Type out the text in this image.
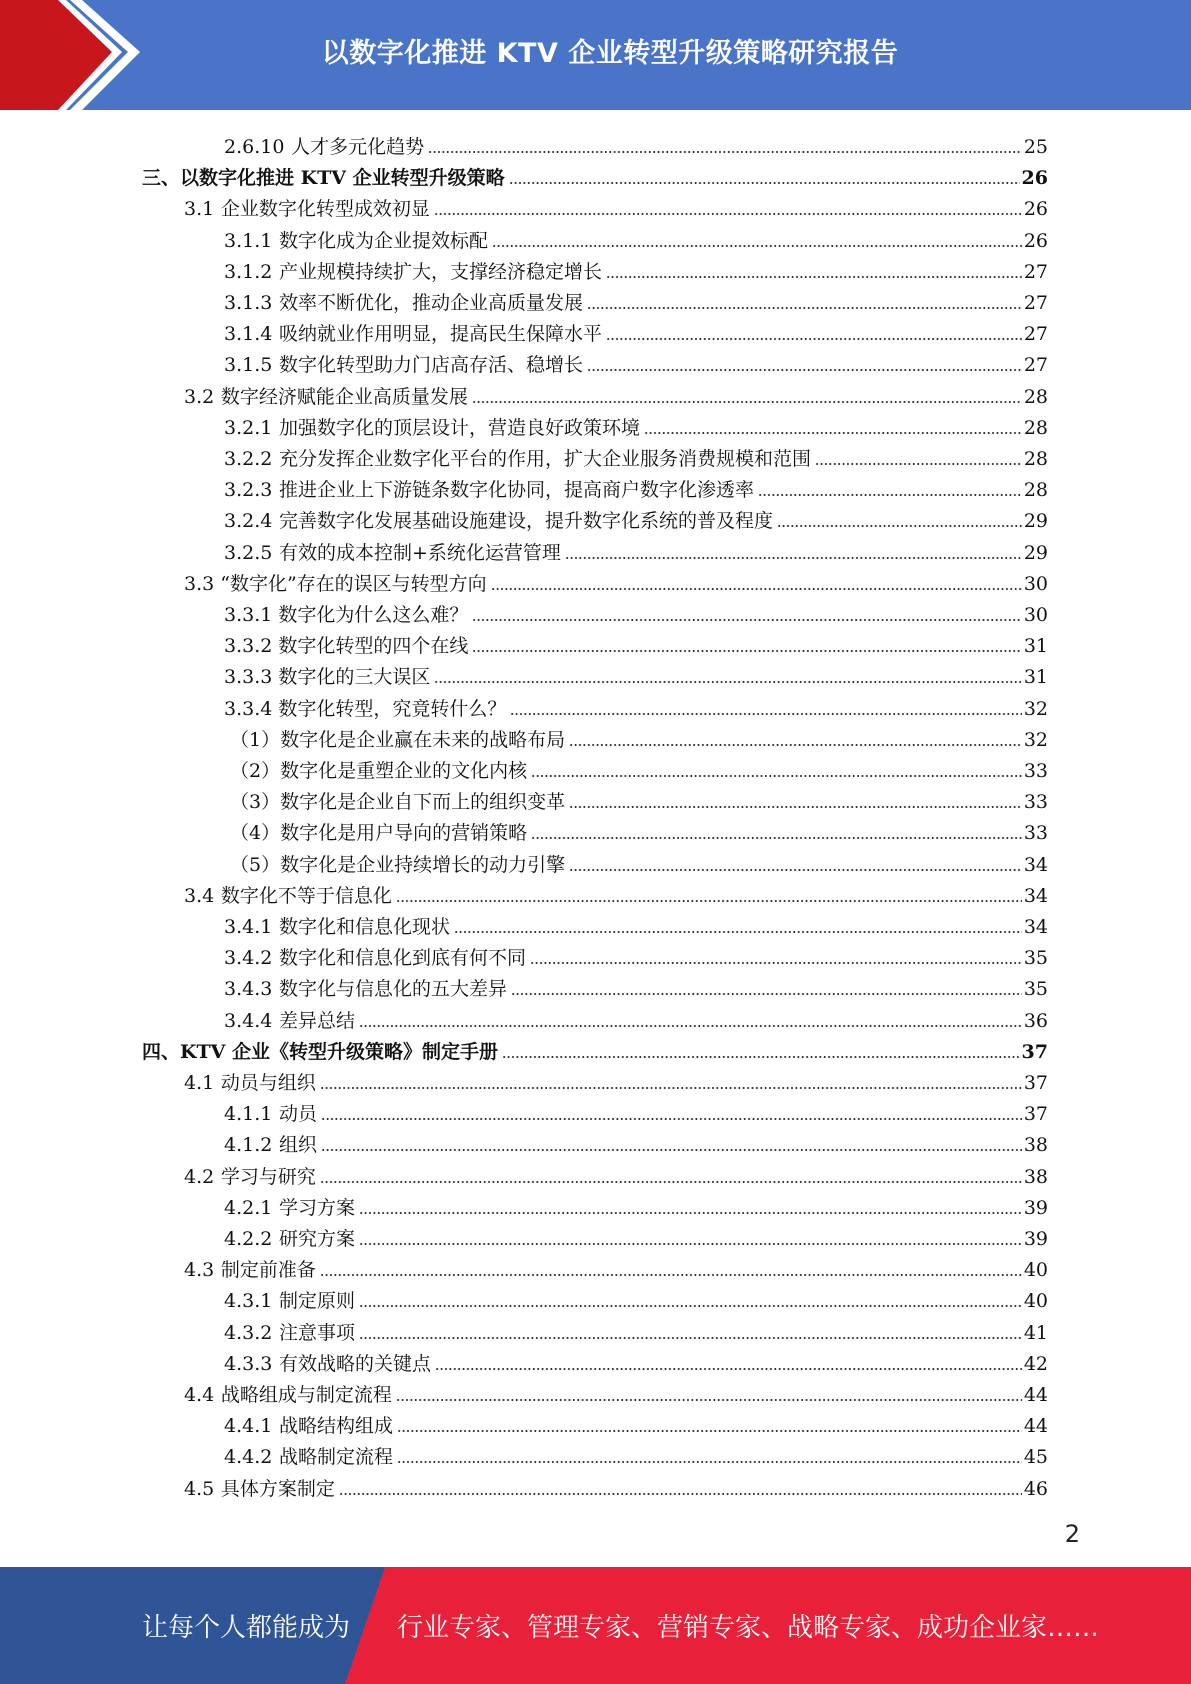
以数字化推进 KTV 企业转型升级策略研究报告
2.6.10 人才多元化趋势	25
三、以数字化推进 KTV 企业转型升级策略	26
3.1 企业数字化转型成效初显	26
3.1.1 数字化成为企业提效标配	26
3.1.2 产业规模持续扩大，支撑经济稳定增长	27
3.1.3 效率不断优化，推动企业高质量发展	27
3.1.4 吸纳就业作用明显，提高民生保障水平	27
3.1.5 数字化转型助力门店高存活、稳增长	27
3.2 数字经济赋能企业高质量发展	28
3.2.1 加强数字化的顶层设计，营造良好政策环境	28
3.2.2 充分发挥企业数字化平台的作用，扩大企业服务消费规模和范围	28
3.2.3 推进企业上下游链条数字化协同，提高商户数字化渗透率	28
3.2.4 完善数字化发展基础设施建设，提升数字化系统的普及程度	29
3.2.5 有效的成本控制+系统化运营管理	29
3.3 “数字化”存在的误区与转型方向	30
3.3.1 数字化为什么这么难？	30
3.3.2 数字化转型的四个在线	31
3.3.3 数字化的三大误区	31
3.3.4 数字化转型，究竟转什么？	32
（1）数字化是企业赢在未来的战略布局	32
（2）数字化是重塑企业的文化内核	33
（3）数字化是企业自下而上的组织变革	33
（4）数字化是用户导向的营销策略	33
（5）数字化是企业持续增长的动力引擎	34
3.4 数字化不等于信息化	34
3.4.1 数字化和信息化现状	34
3.4.2 数字化和信息化到底有何不同	35
3.4.3 数字化与信息化的五大差异	35
3.4.4 差异总结	36
四、KTV 企业《转型升级策略》制定手册	37
4.1 动员与组织	37
4.1.1 动员	37
4.1.2 组织	38
4.2 学习与研究	38
4.2.1 学习方案	39
4.2.2 研究方案	39
4.3 制定前准备	40
4.3.1 制定原则	40
4.3.2 注意事项	41
4.3.3 有效战略的关键点	42
4.4 战略组成与制定流程	44
4.4.1 战略结构组成	44
4.4.2 战略制定流程	45
4.5 具体方案制定	46
2
让每个人都能成为 行业专家、管理专家、营销专家、战略专家、成功企业家……
